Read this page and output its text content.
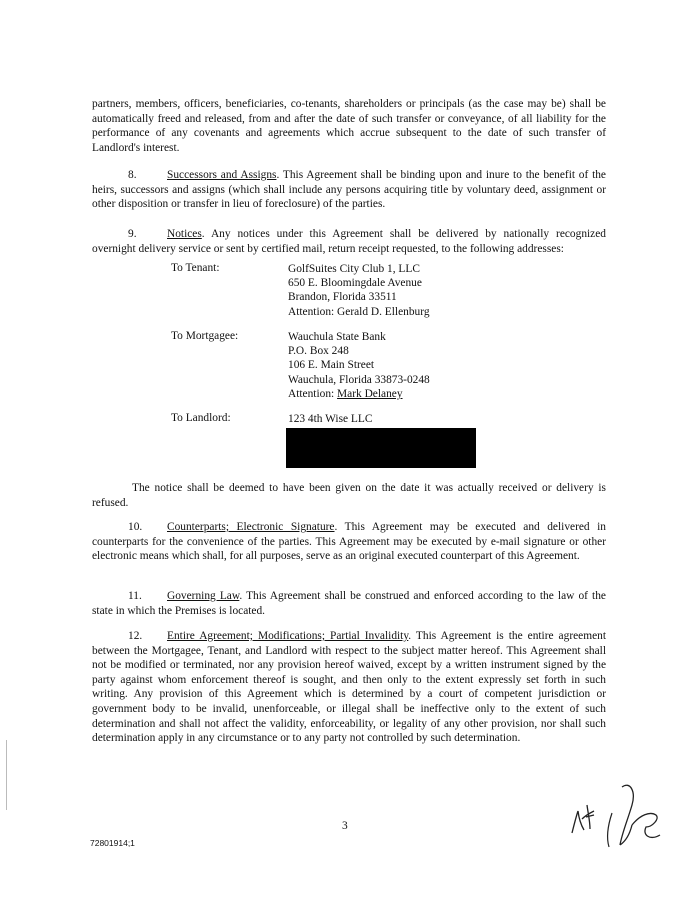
partners, members, officers, beneficiaries, co-tenants, shareholders or principals (as the case may be) shall be automatically freed and released, from and after the date of such transfer or conveyance, of all liability for the performance of any covenants and agreements which accrue subsequent to the date of such transfer of Landlord's interest.
8.	Successors and Assigns. This Agreement shall be binding upon and inure to the benefit of the heirs, successors and assigns (which shall include any persons acquiring title by voluntary deed, assignment or other disposition or transfer in lieu of foreclosure) of the parties.
9.	Notices. Any notices under this Agreement shall be delivered by nationally recognized overnight delivery service or sent by certified mail, return receipt requested, to the following addresses:
To Tenant:	GolfSuites City Club 1, LLC
650 E. Bloomingdale Avenue
Brandon, Florida 33511
Attention: Gerald D. Ellenburg
To Mortgagee:	Wauchula State Bank
P.O. Box 248
106 E. Main Street
Wauchula, Florida 33873-0248
Attention: Mark Delaney
To Landlord:	123 4th Wise LLC
The notice shall be deemed to have been given on the date it was actually received or delivery is refused.
10. Counterparts; Electronic Signature. This Agreement may be executed and delivered in counterparts for the convenience of the parties. This Agreement may be executed by e-mail signature or other electronic means which shall, for all purposes, serve as an original executed counterpart of this Agreement.
11. Governing Law. This Agreement shall be construed and enforced according to the law of the state in which the Premises is located.
12. Entire Agreement; Modifications; Partial Invalidity. This Agreement is the entire agreement between the Mortgagee, Tenant, and Landlord with respect to the subject matter hereof. This Agreement shall not be modified or terminated, nor any provision hereof waived, except by a written instrument signed by the party against whom enforcement thereof is sought, and then only to the extent expressly set forth in such writing. Any provision of this Agreement which is determined by a court of competent jurisdiction or government body to be invalid, unenforceable, or illegal shall be ineffective only to the extent of such determination and shall not affect the validity, enforceability, or legality of any other provision, nor shall such determination apply in any circumstance or to any party not controlled by such determination.
3
72801914;1
